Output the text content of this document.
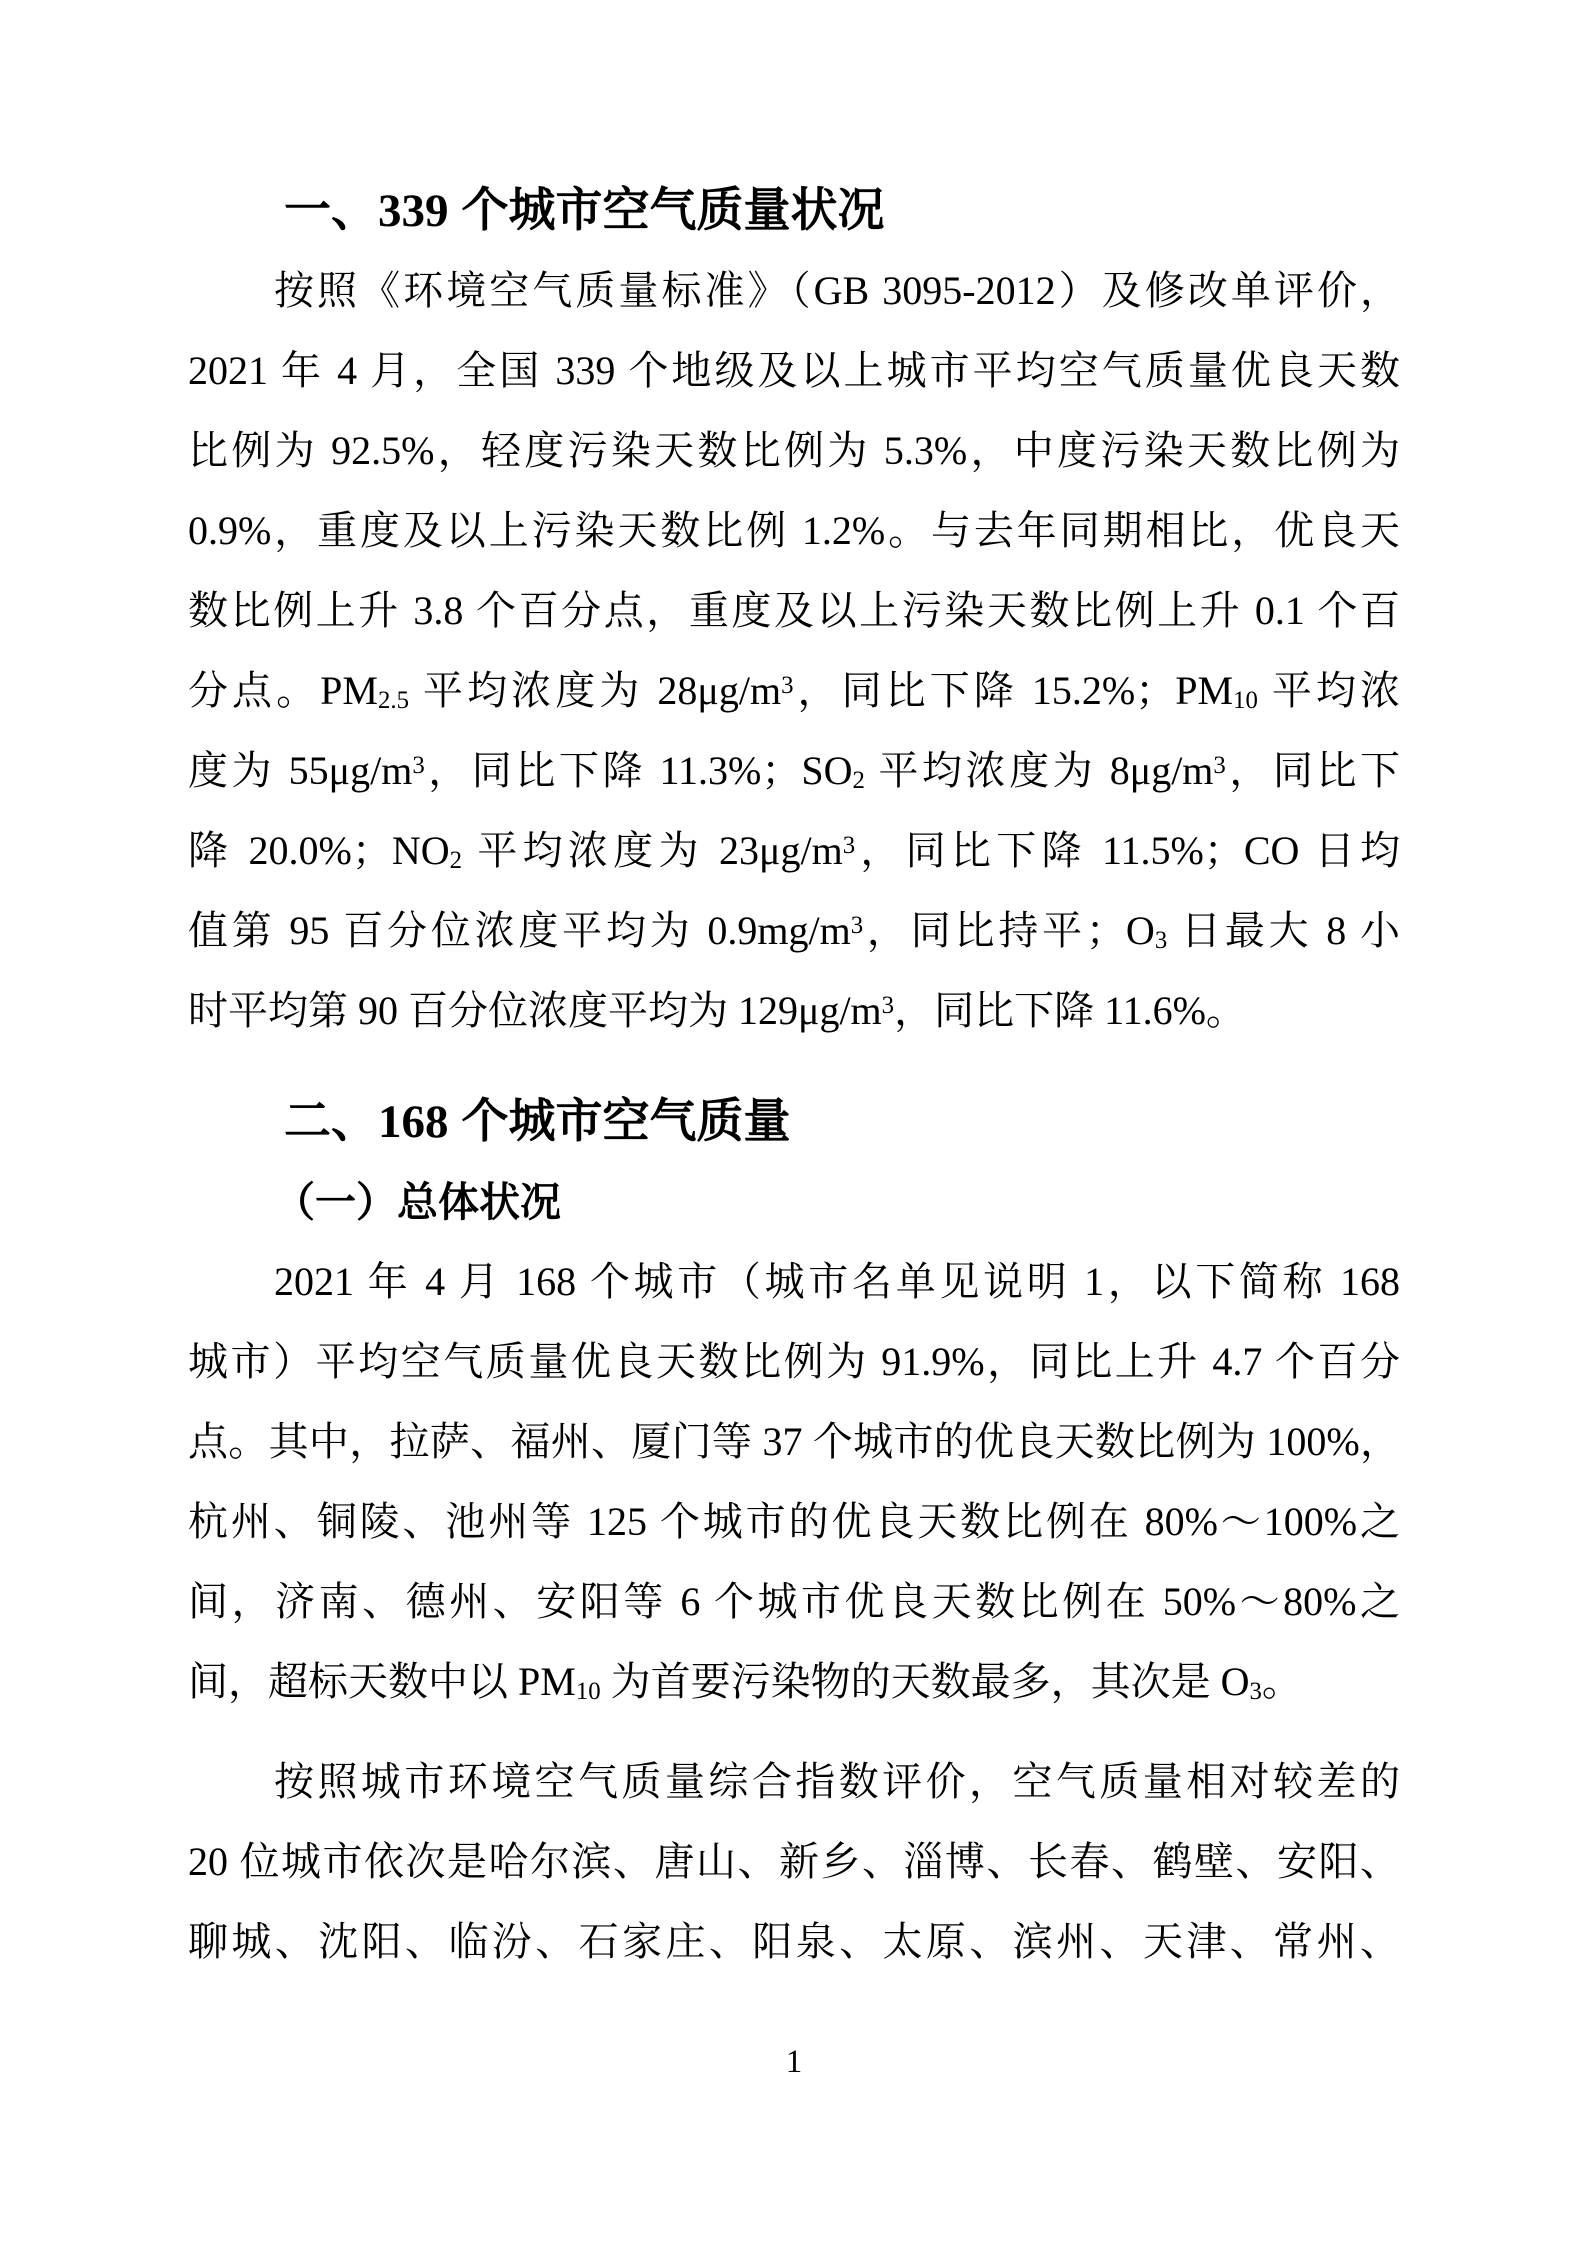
一、339 个城市空气质量状况
按照《环境空气质量标准》（GB 3095-2012）及修改单评价，
2021 年 4 月，全国 339 个地级及以上城市平均空气质量优良天数
比例为 92.5%，轻度污染天数比例为 5.3%，中度污染天数比例为
0.9%，重度及以上污染天数比例 1.2%。与去年同期相比，优良天
数比例上升 3.8 个百分点，重度及以上污染天数比例上升 0.1 个百
分点。$PM_{2.5}$ 平均浓度为 $28\mu g/m^3$，同比下降 15.2%；$PM_{10}$ 平均浓
度为 $55\mu g/m^3$，同比下降 11.3%；$SO_2$ 平均浓度为 $8\mu g/m^3$，同比下
降 20.0%；$NO_2$ 平均浓度为 $23\mu g/m^3$，同比下降 11.5%；CO 日均
值第 95 百分位浓度平均为 $0.9mg/m^3$，同比持平；$O_3$ 日最大 8 小
时平均第 90 百分位浓度平均为 $129\mu g/m^3$，同比下降 11.6%。
二、168 个城市空气质量
（一）总体状况
2021 年 4 月 168 个城市（城市名单见说明 1，以下简称 168
城市）平均空气质量优良天数比例为 91.9%，同比上升 4.7 个百分
点。其中，拉萨、福州、厦门等 37 个城市的优良天数比例为 100%，
杭州、铜陵、池州等 125 个城市的优良天数比例在 80%～100%之
间，济南、德州、安阳等 6 个城市优良天数比例在 50%～80%之
间，超标天数中以 $PM_{10}$ 为首要污染物的天数最多，其次是 $O_3$。
按照城市环境空气质量综合指数评价，空气质量相对较差的
20 位城市依次是哈尔滨、唐山、新乡、淄博、长春、鹤壁、安阳、
聊城、沈阳、临汾、石家庄、阳泉、太原、滨州、天津、常州、
1
